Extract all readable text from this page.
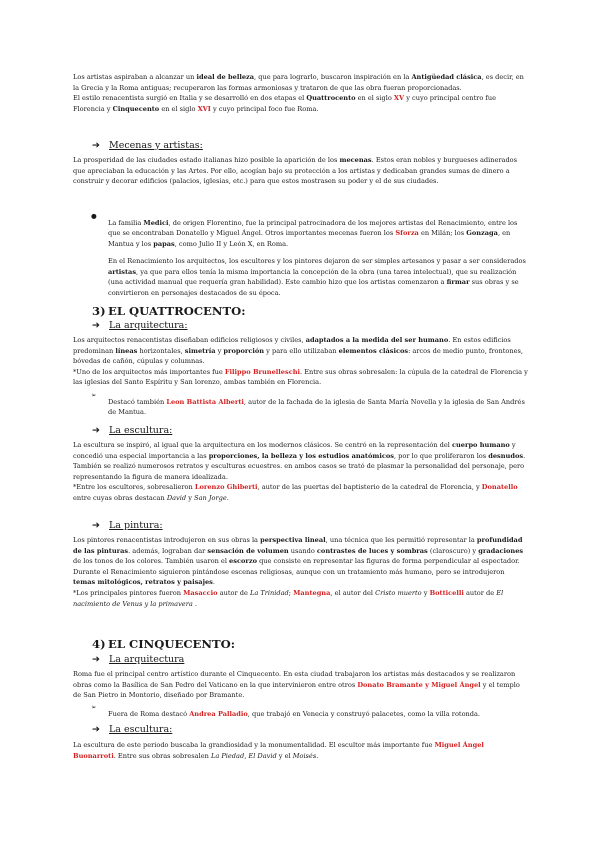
Los artistas aspiraban a alcanzar un ideal de belleza, que para lograrlo, buscaron inspiración en la Antigüedad clásica, es decir, en la Grecia y la Roma antiguas; recuperaron las formas armoniosas y trataron de que las obra fueran proporcionadas.

El estilo renacentista surgió en Italia y se desarrolló en dos etapas el Quattrocento en el siglo XV y cuyo principal centro fue Florencia y Cinquecento en el siglo XVI y cuyo principal foco fue Roma.

➔ Mecenas y artistas:

La prosperidad de las ciudades estado italianas hizo posible la aparición de los mecenas. Estos eran nobles y burgueses adinerados que apreciaban la educación y las Artes. Por ello, acogían bajo su protección a los artistas y dedicaban grandes sumas de dinero a construir y decorar edificios (palacios, iglesias, etc.) para que estos mostrasen su poder y el de sus ciudades.

●

La familia Medici, de origen Florentino, fue la principal patrocinadora de los mejores artistas del Renacimiento, entre los que se encontraban Donatello y Miguel Ángel. Otros importantes mecenas fueron los Sforza en Milán; los Gonzaga, en Mantua y los papas, como Julio II y León X, en Roma.

En el Renacimiento los arquitectos, los escultores y los pintores dejaron de ser simples artesanos y pasar a ser considerados artistas, ya que para ellos tenía la misma importancia la concepción de la obra (una tarea intelectual), que su realización (una actividad manual que requería gran habilidad). Este cambio hizo que los artistas comenzaron a firmar sus obras y se convirtieron en personajes destacados de su época.

3) EL QUATTROCENTO:
➔ La arquitectura:

Los arquitectos renacentistas diseñaban edificios religiosos y civiles, adaptados a la medida del ser humano. En estos edificios predominan líneas horizontales, simetría y proporción y para ello utilizaban elementos clásicos: arcos de medio punto, frontones, bóvedas de cañón, cúpulas y columnas.

*Uno de los arquitectos más importantes fue Filippo Brunelleschi. Entre sus obras sobresalen: la cúpula de la catedral de Florencia y las iglesias del Santo Espíritu y San lorenzo, ambas también en Florencia.

➢

Destacó también Leon Battista Alberti, autor de la fachada de la iglesia de Santa María Novella y la iglesia de San Andrés de Mantua.

➔ La escultura:

La escultura se inspiró, al igual que la arquitectura en los modernos clásicos. Se centró en la representación del cuerpo humano y concedió una especial importancia a las proporciones, la belleza y los estudios anatómicos, por lo que proliferaron los desnudos. También se realizó numerosos retratos y esculturas ecuestres. en ambos casos se trató de plasmar la personalidad del personaje, pero representando la figura de manera idealizada.

*Entre los escultores, sobresalieron Lorenzo Ghiberti, autor de las puertas del baptisterio de la catedral de Florencia, y Donatello entre cuyas obras destacan David y San Jorge.

➔ La pintura:

Los pintores renacentistas introdujeron en sus obras la perspectiva lineal, una técnica que les permitió representar la profundidad de las pinturas. además, lograban dar sensación de volumen usando contrastes de luces y sombras (claroscuro) y gradaciones de los tonos de los colores. También usaron el escorzo que consiste en representar las figuras de forma perpendicular al espectador.

Durante el Renacimiento siguieron pintándose escenas religiosas, aunque con un tratamiento más humano, pero se introdujeron temas mitológicos, retratos y paisajes.

*Los principales pintores fueron Masaccio autor de La Trinidad; Mantegna, el autor del Cristo muerto y Botticelli autor de El nacimiento de Venus y la primavera .

4) EL CINQUECENTO:
➔ La arquitectura

Roma fue el principal centro artístico durante el Cinquecento. En esta ciudad trabajaron los artistas más destacados y se realizaron obras como la Basílica de San Pedro del Vaticano en la que intervinieron entre otros Donato Bramante y Miguel Ángel y el templo de San Pietro in Montorio, diseñado por Bramante.

➢

Fuera de Roma destacó Andrea Palladio, que trabajó en Venecia y construyó palacetes, como la villa rotonda.

➔ La escultura:

La escultura de este periodo buscaba la grandiosidad y la monumentalidad. El escultor más importante fue Miguel Ángel Buonarroti. Entre sus obras sobresalen La Piedad, El David y el Moisés.
